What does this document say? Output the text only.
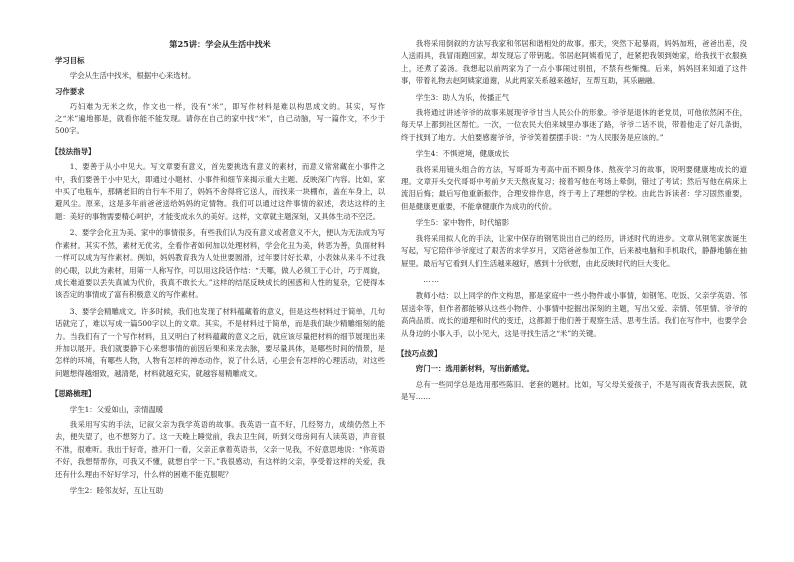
第25讲：学会从生活中找米
学习目标

学会从生活中找米，根据中心来选材。

习作要求

巧妇难为无米之炊，作文也一样，没有“米”，即写作材料是难以构思成文的。其实，写作之“米”遍地都是，就看你能不能发现。请你在自己的家中找“米”，自己动脑，写一篇作文，不少于500字。

【技法指导】

1、要善于从小中见大。写文章要有意义，首先要挑选有意义的素材，而意义常常藏在小事件之中，我们要善于小中见大，即通过小题材、小事件和细节来揭示重大主题、反映深广内容。比如，家中买了电瓶车，那辆老旧的自行车不用了，妈妈不舍得将它送人，而找来一块棚布，盖在车身上，以避风尘。原来，这是多年前爸爸送给妈妈的定情物。我们可以通过这件事情的叙述，表达这样的主题：美好的事物需要精心呵护，才能变成永久的美好。这样，文章就主题深刻，又具体生动不空泛。

2、要学会化丑为美。家中的事情很多，有些我们认为没有意义或者意义不大，便认为无法成为写作素材。其实不然，素材无优劣，全看作者如何加以处理材料，学会化丑为美，转恶为善，负面材料一样可以成为写作素材。例如，妈妈教育我为人处世要圆滑，过年要讨好长辈，小表妹从来斗不过我的心眼，以此为素材，用第一人称写作，可以用这段话作结：“天哪，做人必须工于心计，巧于周旋，成长难道要以丢失真诚为代价，我真不敢长大。”这样的结尾反映成长的困惑和人性的复杂，它使得本该否定的事情成了富有积极意义的写作素材。

3、要学会精雕成文。许多时候，我们也发现了材料蕴藏着的意义，但是这些材料过于简单，几句话就完了，难以写成一篇500字以上的文章。其实，不是材料过于简单，而是我们缺少精雕细刻的能力。当我们有了一个写作材料，且又明白了材料蕴藏的意义之后，就应该尽量把材料的细节展现出来并加以展开。我们就要静下心来想事情的前因后果和来龙去脉，要尽量具体，是哪些时间的情景，是怎样的环境，有哪些人物，人物有怎样的神态动作，说了什么话，心里会有怎样的心理活动，对这些问题想得越细致，越清楚，材料就越充实，就越容易精雕成文。

【思路梳理】
学生1：父爱如山，亲情温暖

我采用写实的手法，记叙父亲为我学英语的故事。我英语一直不好，几经努力，成绩仍然上不去，便失望了，也不想努力了。这一天晚上睡觉前，我去卫生间，听到父母房间有人读英语，声音很不准，很难听。我出于好奇，推开门一看，父亲正拿着英语书，父亲一见我，不好意思地说：“你英语不好，我想帮帮你，可我又不懂，就想自学一下。”我很感动，有这样的父亲，享受着这样的关爱，我还有什么理由不好好学习，什么样的困难不能克服呢？

学生2：睦邻友好，互让互助

我将采用倒叙的方法写我家和邻居和谐相处的故事。那天，突然下起暴雨，妈妈加班，爸爸出差，没人送雨具，我冒雨跑回家，却发现忘了带钥匙。邻居赵阿姨看见了，赶紧把我领到她家，给我找干衣服换上，还煮了姜汤。我想起以前两家为了一点小事闹过别扭，不禁有些惭愧。后来，妈妈回来知道了这件事，带着礼物去赵阿姨家道谢，从此两家关系越来越好，互帮互助，其乐融融。

学生3：助人为乐，传播正气

我将通过讲述爷爷的故事来展现爷爷甘当人民公仆的形象。爷爷是退休的老党员，可他依然闲不住，每天早上都到社区帮忙。一次，一位农民大伯来城里办事迷了路，爷爷二话不说，带着他走了好几条街，终于找到了地方。大伯要感谢爷爷，爷爷笑着摆摆手说：“为人民服务是应该的。”

学生4：不惧逆境，健康成长

我将采用镜头组合的方法，写哥哥为考高中而不顾身体、熬夜学习的故事，说明要健康地成长的道理。文章开头交代哥哥中考前夕天天熬夜复习；接着写他在考场上晕倒，错过了考试；然后写他在病床上流泪后悔；最后写他重新振作，合理安排作息，终于考上了理想的学校。由此告诉读者：学习固然重要，但是健康更重要，不能拿健康作为成功的代价。

学生5：家中物件，时代缩影

我将采用拟人化的手法，让家中保存的钢笔说出自己的经历，讲述时代的进步。文章从钢笔家族诞生写起，写它陪伴爷爷度过了艰苦的求学岁月，又陪爸爸参加工作，后来被电脑和手机取代，静静地躺在抽屉里。最后写它看到人们生活越来越好，感到十分欣慰，由此反映时代的巨大变化。

……

教师小结：以上同学的作文构思，都是家庭中一些小物件或小事情，如钢笔、吃饭、父亲学英语、邻居送伞等，但作者都能够从这些小物件、小事情中挖掘出深刻的主题，写出父爱、亲情、邻里情、爷爷的高尚品质、成长的道理和时代的变迁，这都源于他们善于观察生活、思考生活。我们在写作中，也要学会从身边的小事入手，以小见大，这是寻找生活之“米”的关键。

【技巧点拨】
窍门一：选用新材料，写出新感觉。

总有一些同学总是选用那些陈旧、老套的题材。比如，写父母关爱孩子，不是写雨夜背我去医院，就是写……
